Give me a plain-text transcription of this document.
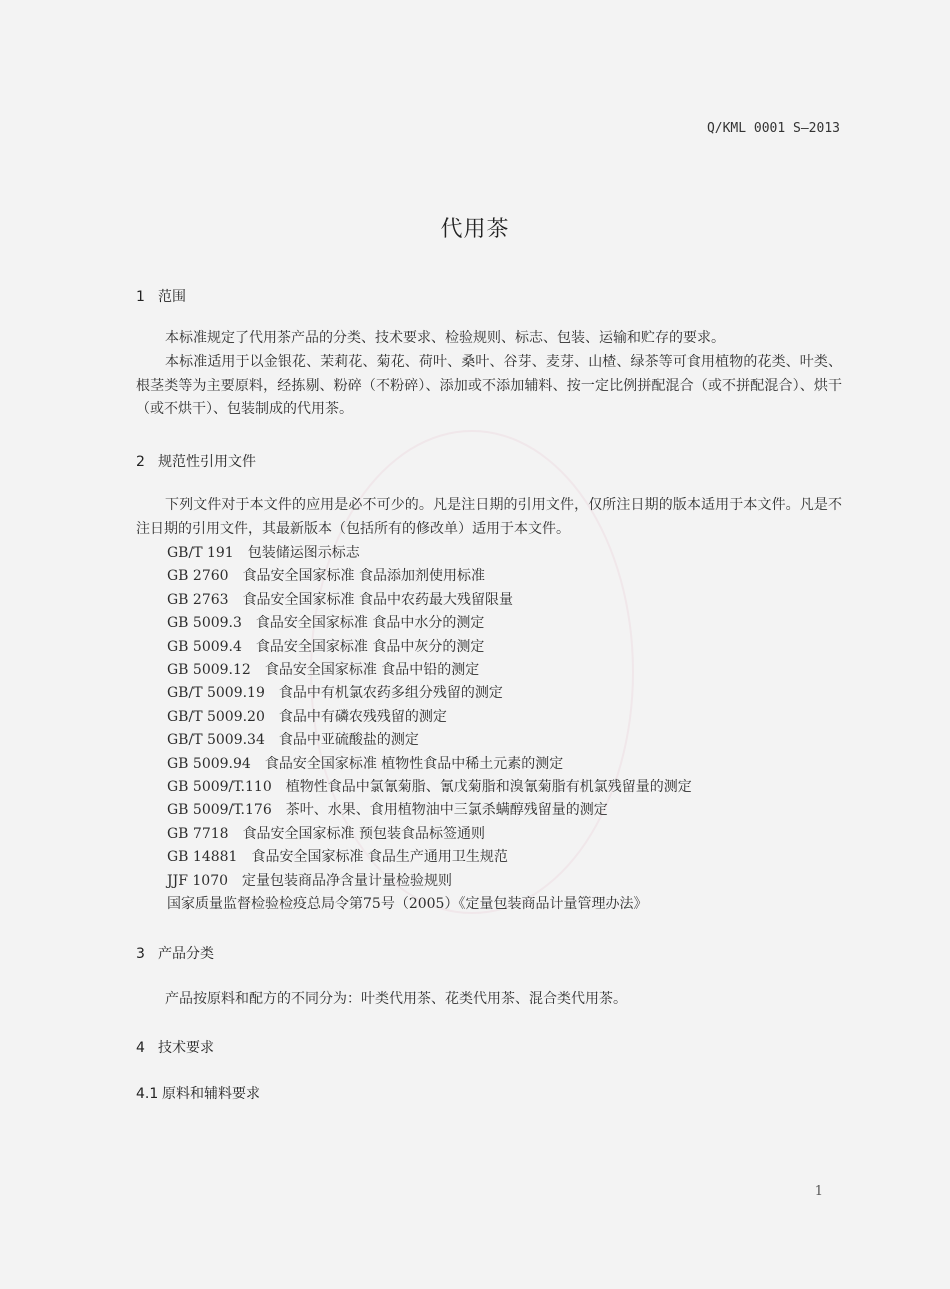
Q/KML 0001 S—2013
代用茶
1 范围

本标准规定了代用茶产品的分类、技术要求、检验规则、标志、包装、运输和贮存的要求。

本标准适用于以金银花、茉莉花、菊花、荷叶、桑叶、谷芽、麦芽、山楂、绿茶等可食用植物的花类、叶类、根茎类等为主要原料，经拣剔、粉碎（不粉碎）、添加或不添加辅料、按一定比例拼配混合（或不拼配混合）、烘干（或不烘干）、包装制成的代用茶。

2 规范性引用文件

下列文件对于本文件的应用是必不可少的。凡是注日期的引用文件，仅所注日期的版本适用于本文件。凡是不注日期的引用文件，其最新版本（包括所有的修改单）适用于本文件。

GB/T 191 包装储运图示标志
GB 2760 食品安全国家标准 食品添加剂使用标准
GB 2763 食品安全国家标准 食品中农药最大残留限量
GB 5009.3 食品安全国家标准 食品中水分的测定
GB 5009.4 食品安全国家标准 食品中灰分的测定
GB 5009.12 食品安全国家标准 食品中铅的测定
GB/T 5009.19 食品中有机氯农药多组分残留的测定
GB/T 5009.20 食品中有磷农残残留的测定
GB/T 5009.34 食品中亚硫酸盐的测定
GB 5009.94 食品安全国家标准 植物性食品中稀土元素的测定
GB 5009/T.110 植物性食品中氯氰菊脂、氰戊菊脂和溴氰菊脂有机氯残留量的测定
GB 5009/T.176 茶叶、水果、食用植物油中三氯杀螨醇残留量的测定
GB 7718 食品安全国家标准 预包装食品标签通则
GB 14881 食品安全国家标准 食品生产通用卫生规范
JJF 1070 定量包装商品净含量计量检验规则
国家质量监督检验检疫总局令第75号（2005）《定量包装商品计量管理办法》
3 产品分类

产品按原料和配方的不同分为：叶类代用茶、花类代用茶、混合类代用茶。

4 技术要求
4.1 原料和辅料要求
1
